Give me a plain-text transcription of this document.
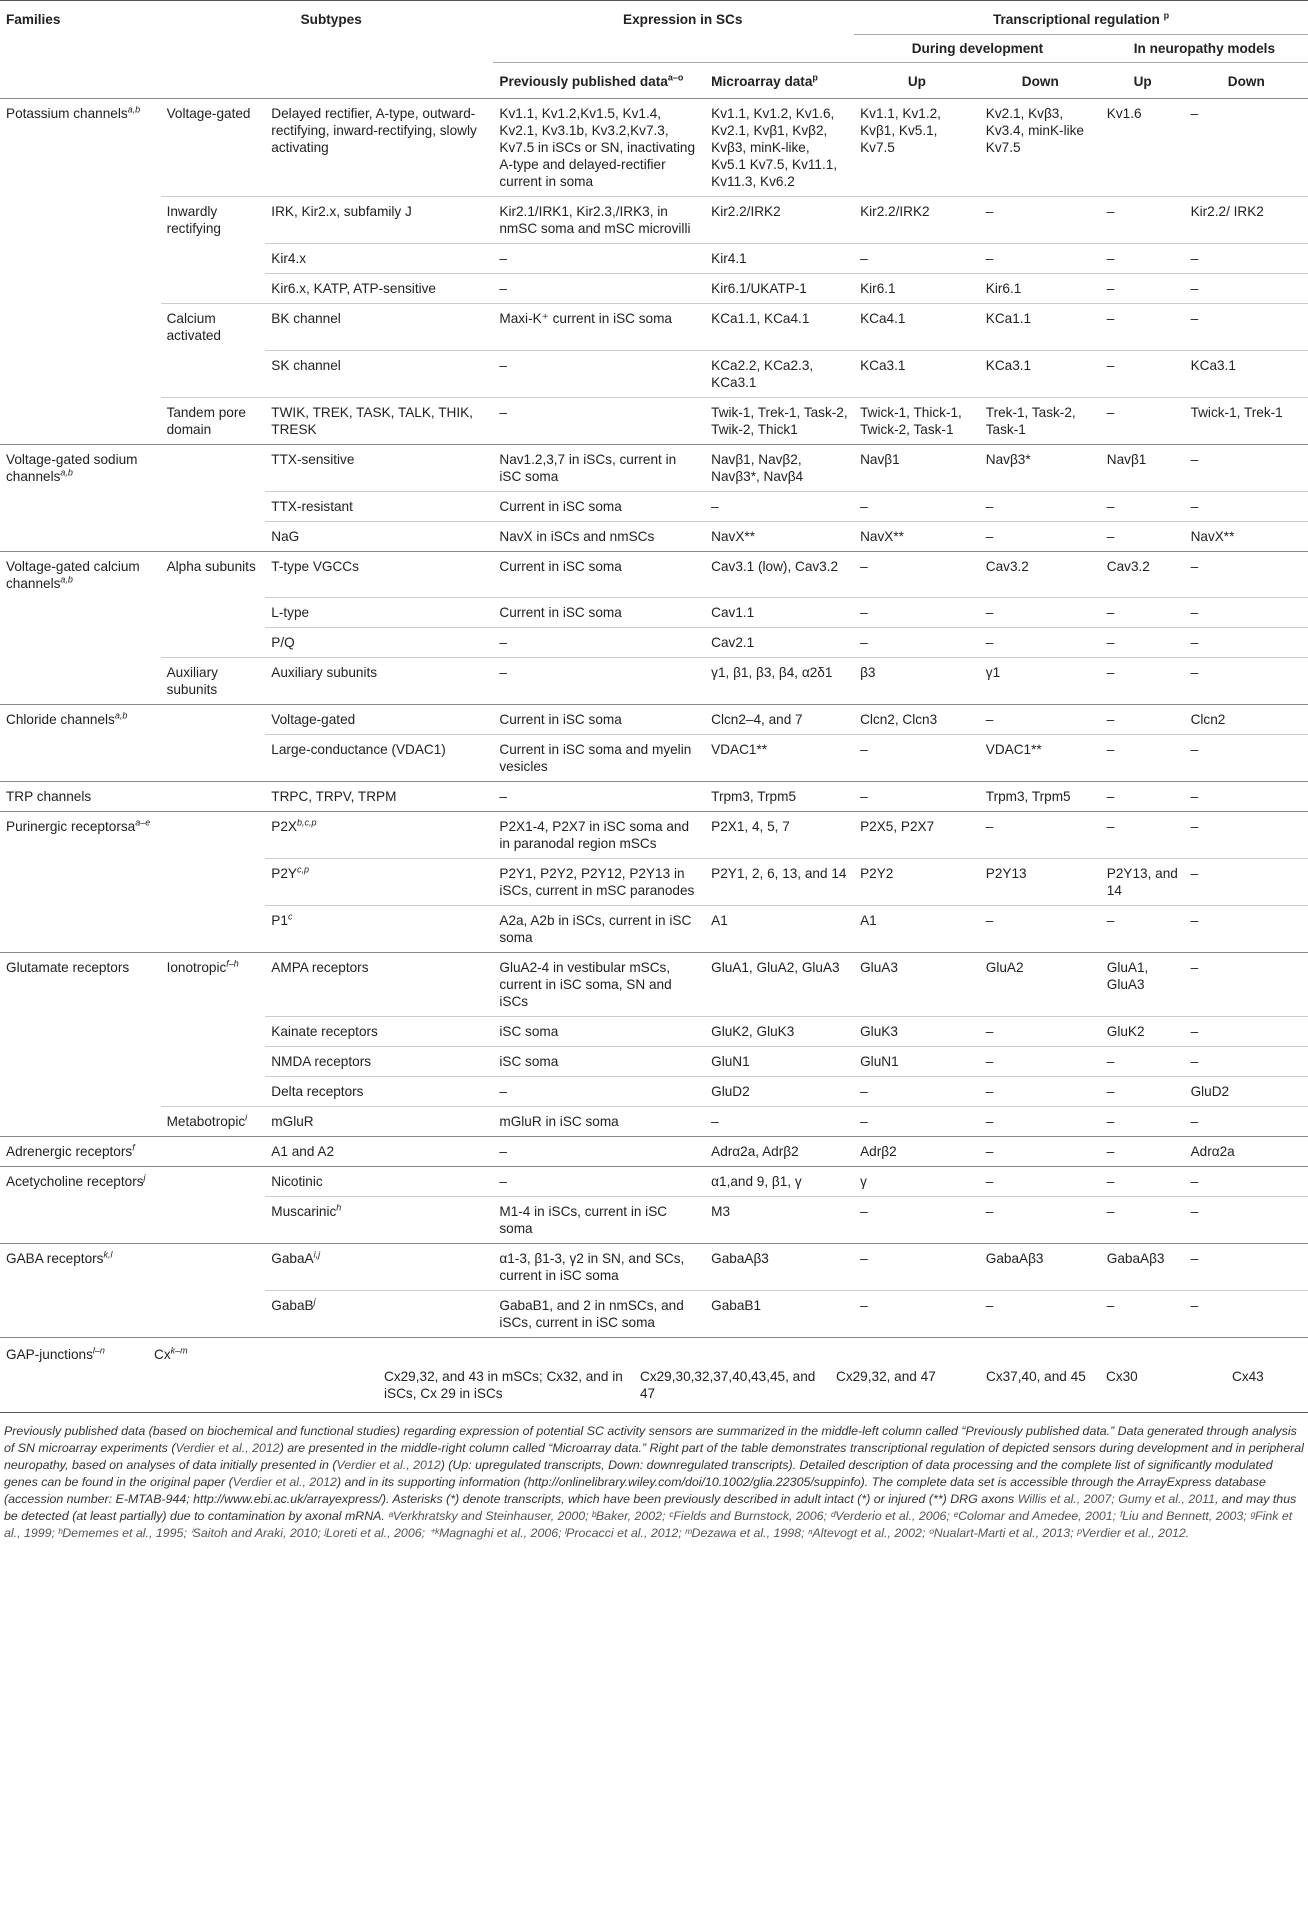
Families	Subtypes		Expression in SCs		Transcriptional regulation $^p$
					During development		In neuropathy models	
			Previously published data$^{a-o}$	Microarray data$^p$	Up	Down	Up	Down
Potassium channels$^{a,b}$	Voltage-gated	Delayed rectifier, A-type, outward-rectifying, inward-rectifying, slowly activating	Kv1.1, Kv1.2,Kv1.5, Kv1.4, Kv2.1, Kv3.1b, Kv3.2,Kv7.3, Kv7.5 in iSCs or SN, inactivating A-type and delayed-rectifier current in soma	Kv1.1, Kv1.2, Kv1.6, Kv2.1, Kvβ1, Kvβ2, Kvβ3, minK-like, Kv5.1 Kv7.5, Kv11.1, Kv11.3, Kv6.2	Kv1.1, Kv1.2, Kvβ1, Kv5.1, Kv7.5	Kv2.1, Kvβ3, Kv3.4, minK-like Kv7.5	Kv1.6	–
	Inwardly rectifying	IRK, Kir2.x, subfamily J	Kir2.1/IRK1, Kir2.3,/IRK3, in nmSC soma and mSC microvilli	Kir2.2/IRK2	Kir2.2/IRK2	–	–	Kir2.2/ IRK2
		Kir4.x	–	Kir4.1	–	–	–	–
		Kir6.x, KATP, ATP-sensitive	–	Kir6.1/UKATP-1	Kir6.1	Kir6.1	–	–
	Calcium activated	BK channel	Maxi-K⁺ current in iSC soma	KCa1.1, KCa4.1	KCa4.1	KCa1.1	–	–
		SK channel	–	KCa2.2, KCa2.3, KCa3.1	KCa3.1	KCa3.1	–	KCa3.1
	Tandem pore domain	TWIK, TREK, TASK, TALK, THIK, TRESK	–	Twik-1, Trek-1, Task-2, Twik-2, Thick1	Twick-1, Thick-1, Twick-2, Task-1	Trek-1, Task-2, Task-1	–	Twick-1, Trek-1
Voltage-gated sodium channels$^{a,b}$		TTX-sensitive	Nav1.2,3,7 in iSCs, current in iSC soma	Navβ1, Navβ2, Navβ3*, Navβ4	Navβ1	Navβ3*	Navβ1	–
		TTX-resistant	Current in iSC soma	–	–	–	–	–
		NaG	NavX in iSCs and nmSCs	NavX**	NavX**	–	–	NavX**
Voltage-gated calcium channels$^{a,b}$	Alpha subunits	T-type VGCCs	Current in iSC soma	Cav3.1 (low), Cav3.2	–	Cav3.2	Cav3.2	–
		L-type	Current in iSC soma	Cav1.1	–	–	–	–
		P/Q	–	Cav2.1	–	–	–	–
	Auxiliary subunits	Auxiliary subunits	–	γ1, β1, β3, β4, α2δ1	β3	γ1	–	–
Chloride channels$^{a,b}$		Voltage-gated	Current in iSC soma	Clcn2–4, and 7	Clcn2, Clcn3	–	–	Clcn2
		Large-conductance (VDAC1)	Current in iSC soma and myelin vesicles	VDAC1**	–	VDAC1**	–	–
TRP channels		TRPC, TRPV, TRPM	–	Trpm3, Trpm5	–	Trpm3, Trpm5	–	–
Purinergic receptorsa$^{a-e}$		$P2X^{b,c,p}$	P2X1-4, P2X7 in iSC soma and in paranodal region mSCs	P2X1, 4, 5, 7	P2X5, P2X7	–	–	–
		$P2Y^{c,p}$	P2Y1, P2Y2, P2Y12, P2Y13 in iSCs, current in mSC paranodes	P2Y1, 2, 6, 13, and 14	P2Y2	P2Y13	P2Y13, and 14	–
		P1$^c$	A2a, A2b in iSCs, current in iSC soma	A1	A1	–	–	–
Glutamate receptors	Ionotropic$^{f-h}$	AMPA receptors	GluA2-4 in vestibular mSCs, current in iSC soma, SN and iSCs	GluA1, GluA2, GluA3	GluA3	GluA2	GluA1, GluA3	–
		Kainate receptors	iSC soma	GluK2, GluK3	GluK3	–	GluK2	–
		NMDA receptors	iSC soma	GluN1	GluN1	–	–	–
		Delta receptors	–	GluD2	–	–	–	GluD2
	Metabotropic$^i$	mGluR	mGluR in iSC soma	–	–	–	–	–
Adrenergic receptors$^f$		A1 and A2	–	Adrα2a, Adrβ2	Adrβ2	–	–	Adrα2a
Acetycholine receptors$^j$		Nicotinic	–	α1,and 9, β1, γ	γ	–	–	–
		Muscarinic$^h$	M1-4 in iSCs, current in iSC soma	M3	–	–	–	–
GABA receptors$^{k,l}$		GabaA$^{i,j}$	α1-3, β1-3, γ2 in SN, and SCs, current in iSC soma	GabaAβ3	–	GabaAβ3	GabaAβ3	–
		GabaB$^j$	GabaB1, and 2 in nmSCs, and iSCs, current in iSC soma	GabaB1	–	–	–	–
GAP-junctions$^{l-n}$	Cx$^{k-m}$	Cx29,32, and 43 in mSCs; Cx32, and in iSCs, Cx 29 in iSCs	Cx29,30,32,37,40,43,45, and 47	Cx29,32, and 47	Cx37,40, and 45	Cx30	Cx43
Previously published data (based on biochemical and functional studies) regarding expression of potential SC activity sensors are summarized in the middle-left column called “Previously published data.” Data generated through analysis of SN microarray experiments (Verdier et al., 2012) are presented in the middle-right column called “Microarray data.” Right part of the table demonstrates transcriptional regulation of depicted sensors during development and in peripheral neuropathy, based on analyses of data initially presented in (Verdier et al., 2012) (Up: upregulated transcripts, Down: downregulated transcripts). Detailed description of data processing and the complete list of significantly modulated genes can be found in the original paper (Verdier et al., 2012) and in its supporting information (http://onlinelibrary.wiley.com/doi/10.1002/glia.22305/suppinfo). The complete data set is accessible through the ArrayExpress database (accession number: E-MTAB-944; http://www.ebi.ac.uk/arrayexpress/). Asterisks (*) denote transcripts, which have been previously described in adult intact (*) or injured (**) DRG axons Willis et al., 2007; Gumy et al., 2011, and may thus be detected (at least partially) due to contamination by axonal mRNA. ᵃVerkhratsky and Steinhauser, 2000; ᵇBaker, 2002; ᶜFields and Burnstock, 2006; ᵈVerderio et al., 2006; ᵉColomar and Amedee, 2001; ᶠLiu and Bennett, 2003; ᵍFink et al., 1999; ʰDememes et al., 1995; ⁱSaitoh and Araki, 2010; ʲLoreti et al., 2006; ⁺ᵏMagnaghi et al., 2006; ˡProcacci et al., 2012; ᵐDezawa et al., 1998; ⁿAltevogt et al., 2002; ᵒNualart-Marti et al., 2013; ᵖVerdier et al., 2012.
